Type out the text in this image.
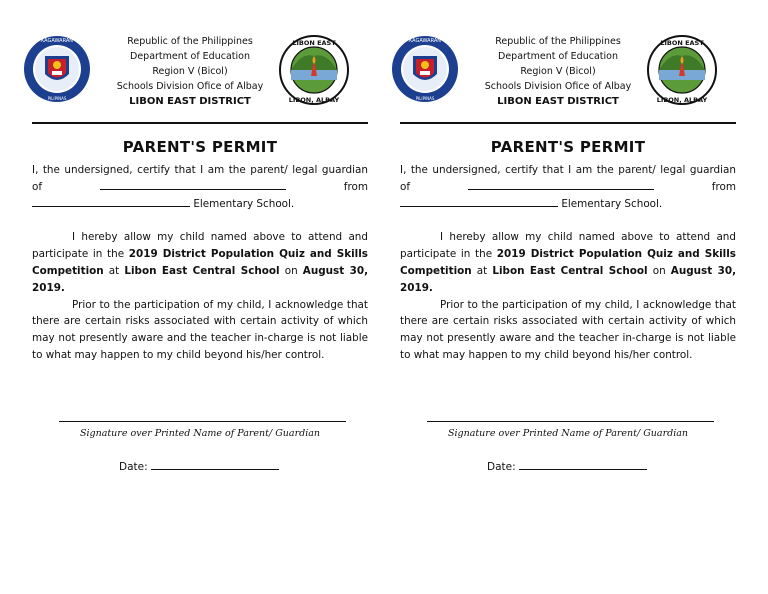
KAGAWARAN
PILIPINAS
Republic of the Philippines
Department of Education
Region V (Bicol)
Schools Division Ofice of Albay
LIBON EAST DISTRICT
LIBON EAST
LIBON, ALBAY
PARENT'S PERMIT

I, the undersigned, certify that I am the parent/ legal guardian of	from  Elementary School.

I hereby allow my child named above to attend and participate in the 2019 District Population Quiz and Skills Competition at Libon East Central School on August 30, 2019.

Prior to the participation of my child, I acknowledge that there are certain risks associated with certain activity of which may not presently aware and the teacher in-charge is not liable to what may happen to my child beyond his/her control.

Signature over Printed Name of Parent/ Guardian
Date:
KAGAWARAN
PILIPINAS
Republic of the Philippines
Department of Education
Region V (Bicol)
Schools Division Ofice of Albay
LIBON EAST DISTRICT
LIBON EAST
LIBON, ALBAY
PARENT'S PERMIT

I, the undersigned, certify that I am the parent/ legal guardian of	from  Elementary School.

I hereby allow my child named above to attend and participate in the 2019 District Population Quiz and Skills Competition at Libon East Central School on August 30, 2019.

Prior to the participation of my child, I acknowledge that there are certain risks associated with certain activity of which may not presently aware and the teacher in-charge is not liable to what may happen to my child beyond his/her control.

Signature over Printed Name of Parent/ Guardian
Date:
